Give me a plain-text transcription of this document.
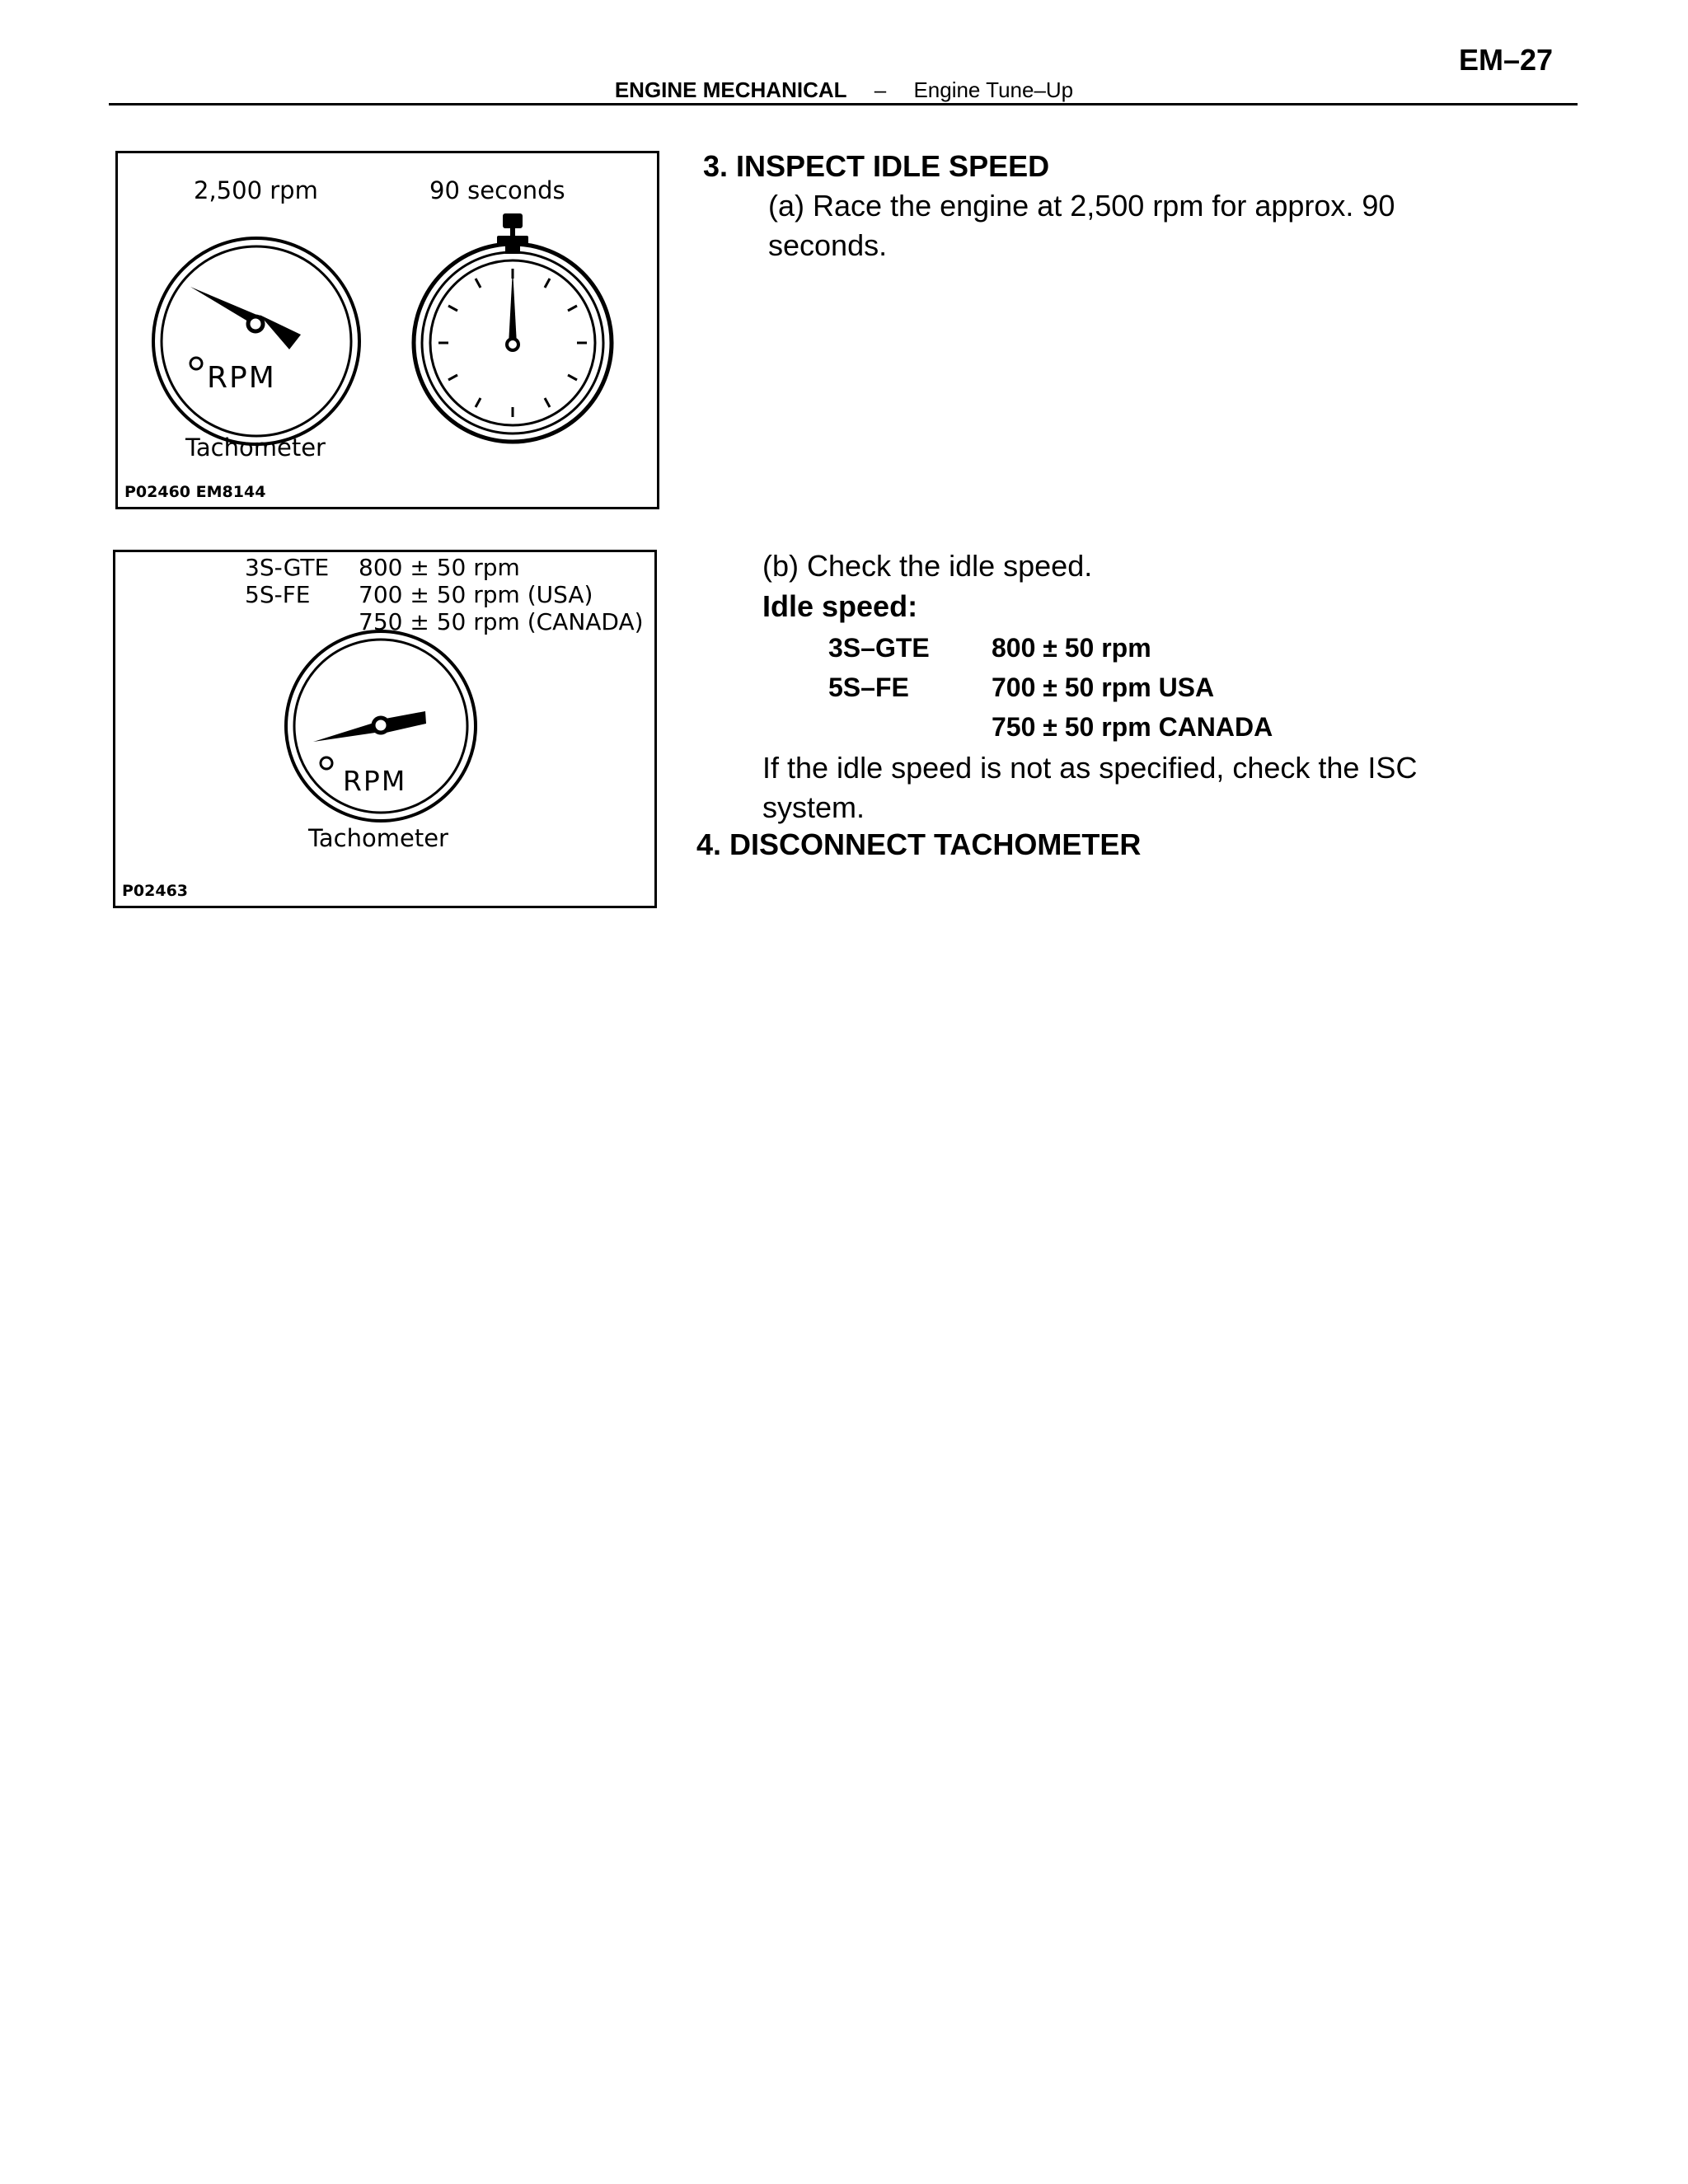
EM–27
ENGINE MECHANICAL – Engine Tune–Up
2,500 rpm	90 seconds
RPM
Tachometer
P02460 EM8144
3S-GTE
5S-FE
800 ± 50 rpm
700 ± 50 rpm (USA)
750 ± 50 rpm (CANADA)
RPM
Tachometer
P02463
3. INSPECT IDLE SPEED
(a) Race the engine at 2,500 rpm for approx. 90
seconds.
(b) Check the idle speed.
Idle speed:
3S–GTE 800 ± 50 rpm
5S–FE	700 ± 50 rpm USA
750 ± 50 rpm CANADA
If the idle speed is not as specified, check the ISC
system.
4. DISCONNECT TACHOMETER
